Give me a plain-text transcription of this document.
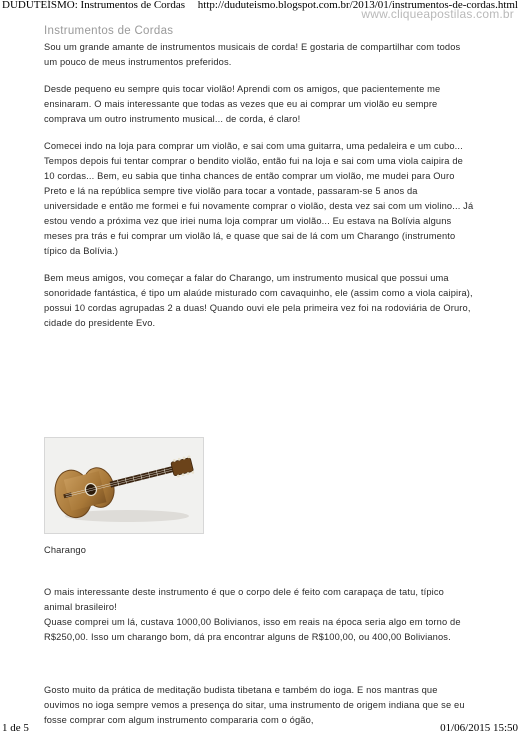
DUDUTEÍSMO: Instrumentos de Cordas http://duduteismo.blogspot.com.br/2013/01/instrumentos-de-cordas.html
www.cliqueapostilas.com.br
Instrumentos de Cordas

Sou um grande amante de instrumentos musicais de corda! E gostaria de compartilhar com todos um pouco de meus instrumentos preferidos.

Desde pequeno eu sempre quis tocar violão! Aprendi com os amigos, que pacientemente me ensinaram. O mais interessante que todas as vezes que eu ai comprar um violão eu sempre comprava um outro instrumento musical... de corda, é claro!

Comecei indo na loja para comprar um violão, e sai com uma guitarra, uma pedaleira e um cubo... Tempos depois fui tentar comprar o bendito violão, então fui na loja e sai com uma viola caipira de 10 cordas... Bem, eu sabia que tinha chances de então comprar um violão, me mudei para Ouro Preto e lá na república sempre tive violão para tocar a vontade, passaram-se 5 anos da universidade e então me formei e fui novamente comprar o violão, desta vez sai com um violino... Já estou vendo a próxima vez que iriei numa loja comprar um violão... Eu estava na Bolívia alguns meses pra trás e fui comprar um violão lá, e quase que sai de lá com um Charango (instrumento típico da Bolívia.)

Bem meus amigos, vou começar a falar do Charango, um instrumento musical que possui uma sonoridade fantástica, é tipo um alaúde misturado com cavaquinho, ele (assim como a viola caipira), possui 10 cordas agrupadas 2 a duas! Quando ouvi ele pela primeira vez foi na rodoviária de Oruro, cidade do presidente Evo.

Charango

O mais interessante deste instrumento é que o corpo dele é feito com carapaça de tatu, típico animal brasileiro!
Quase comprei um lá, custava 1000,00 Bolivianos, isso em reais na época seria algo em torno de R$250,00. Isso um charango bom, dá pra encontrar alguns de R$100,00, ou 400,00 Bolivianos.

Gosto muito da prática de meditação budista tibetana e também do ioga. E nos mantras que ouvimos no ioga sempre vemos a presença do sitar, uma instrumento de origem indiana que se eu fosse comprar com algum instrumento compararia com o ógão,

1 de 5	01/06/2015 15:50
